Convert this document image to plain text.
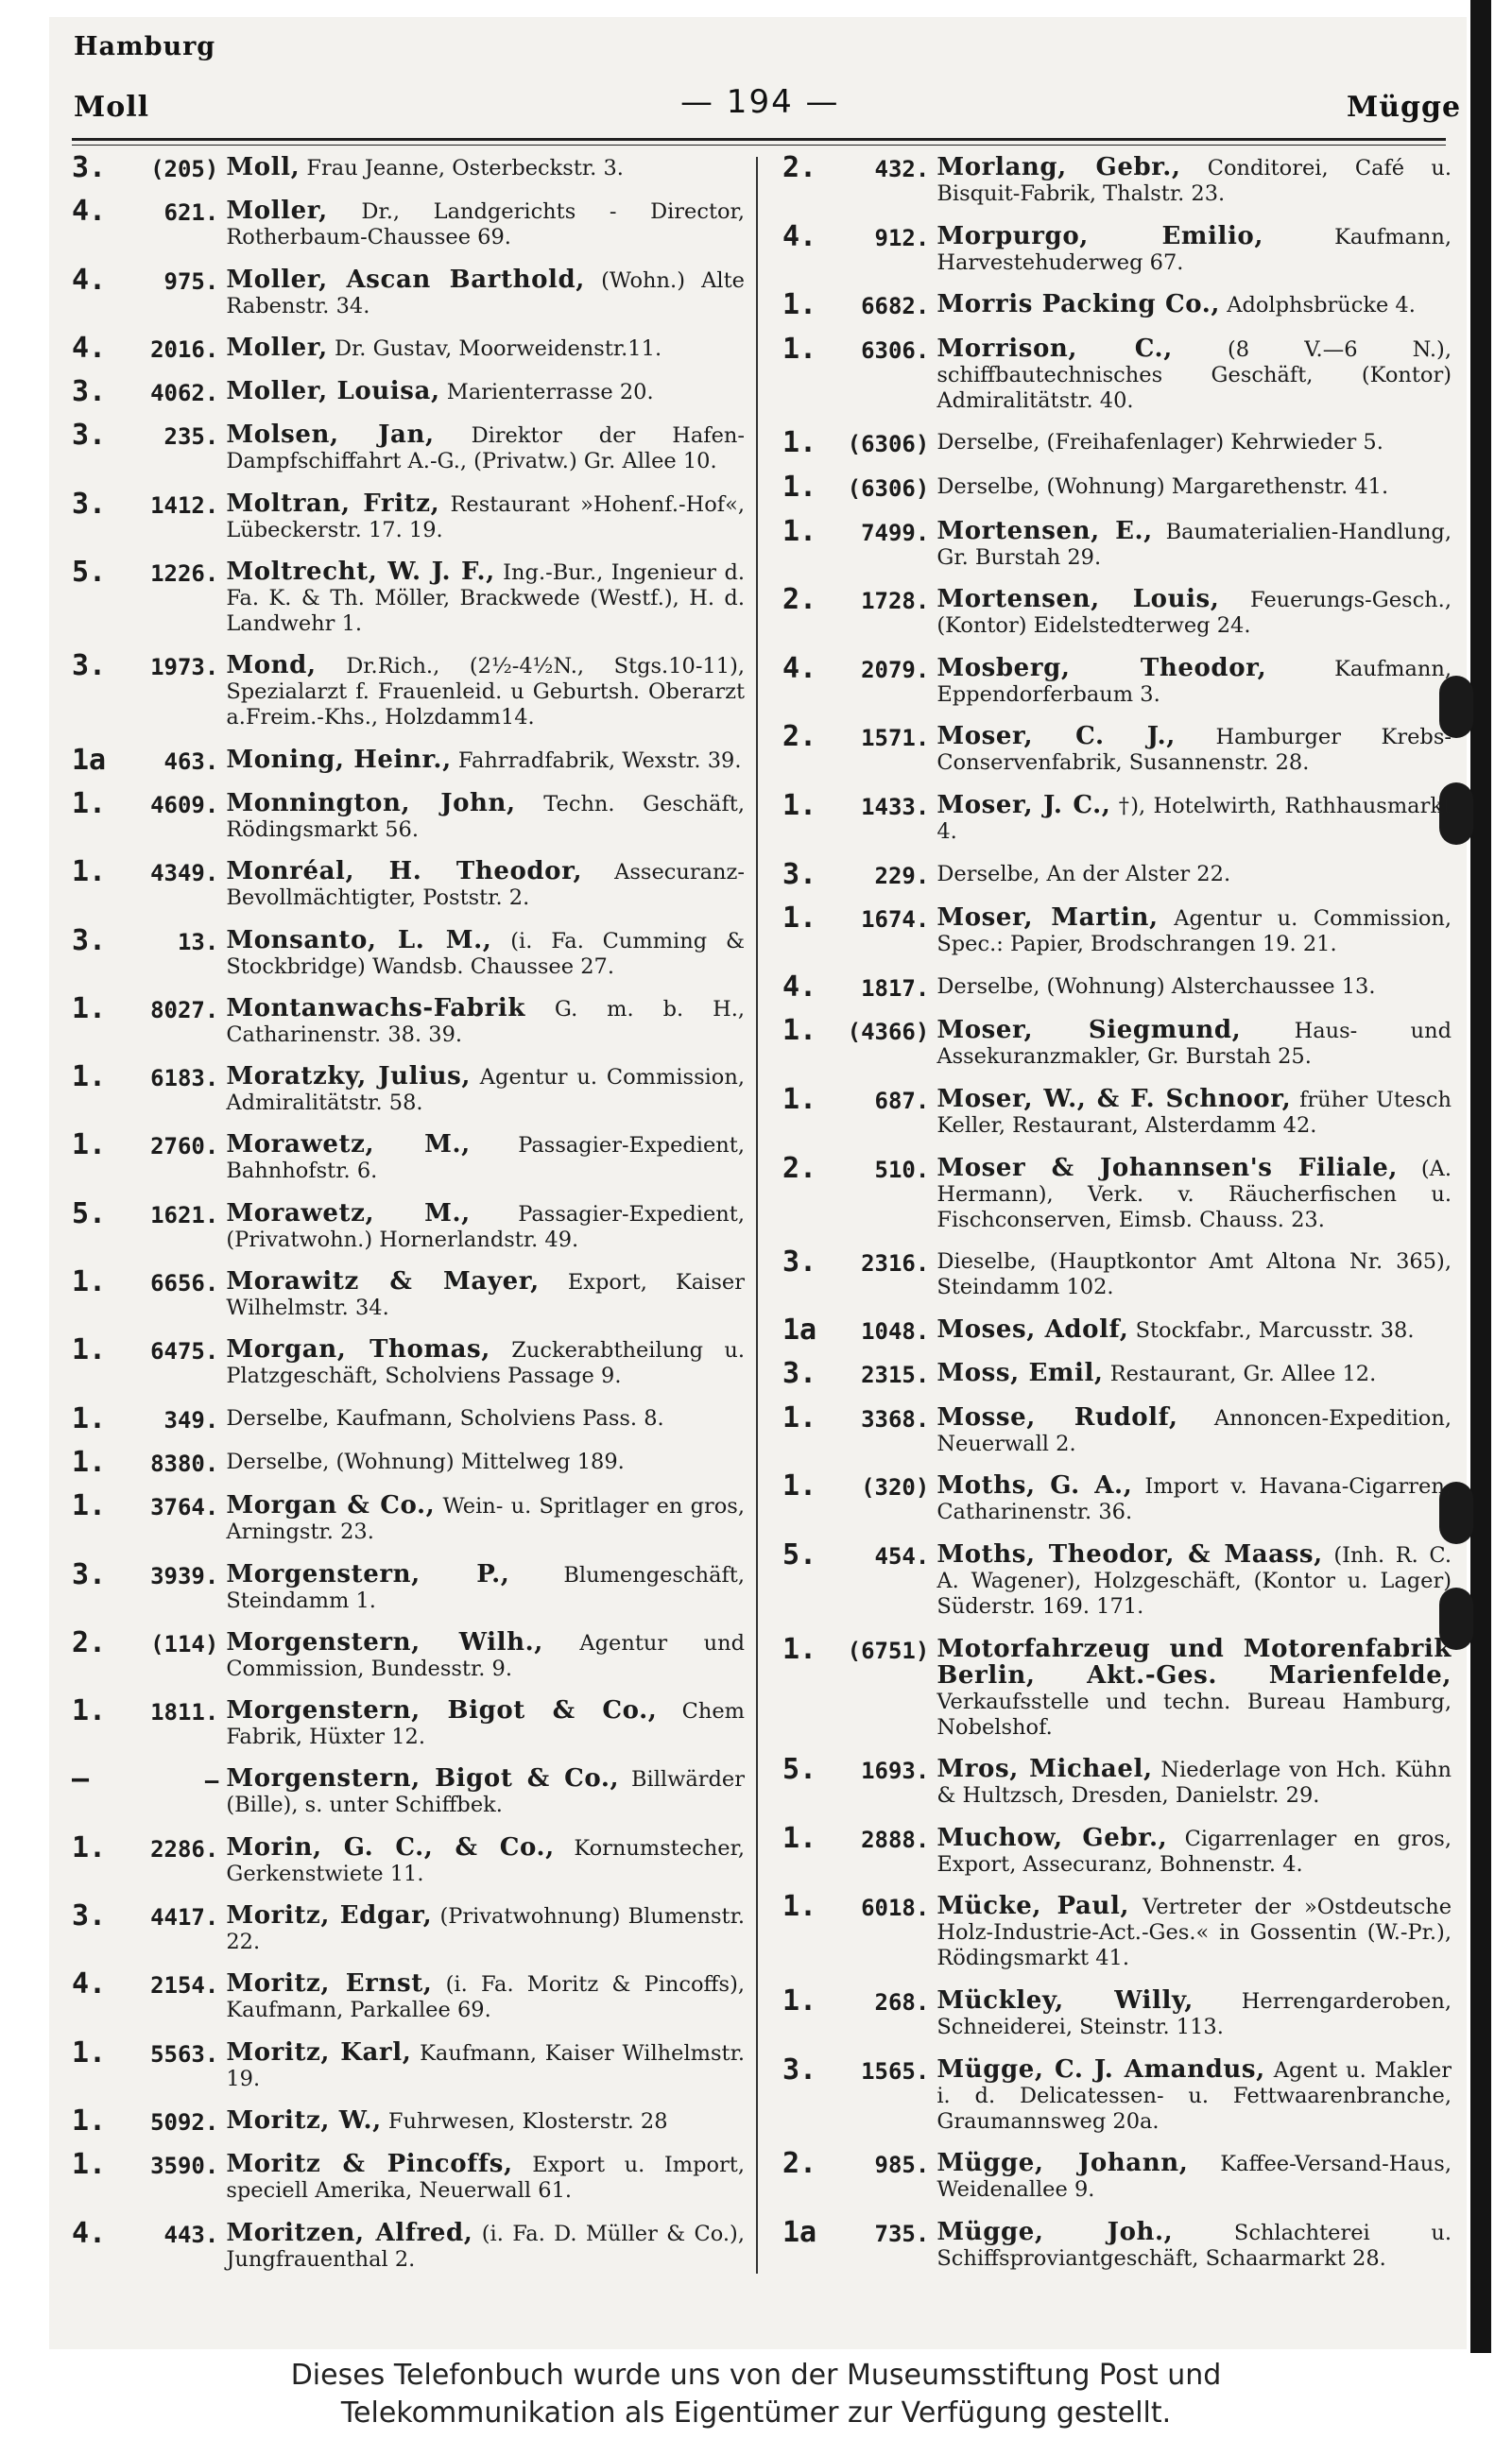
Hamburg
Moll	— 194 —	Mügge
3.   (205) Moll, Frau Jeanne, Osterbeckstr. 3.
4.    621. Moller, Dr., Landgerichts - Director, Rotherbaum-Chaussee 69.
4.    975. Moller, Ascan Barthold, (Wohn.) Alte Rabenstr. 34.
4.   2016. Moller, Dr. Gustav, Moorweidenstr.11.
3.   4062. Moller, Louisa, Marienterrasse 20.
3.    235. Molsen, Jan, Direktor der Hafen-Dampfschiffahrt A.-G., (Privatw.) Gr. Allee 10.
3.   1412. Moltran, Fritz, Restaurant »Hohenf.-Hof«, Lübeckerstr. 17. 19.
5.   1226. Moltrecht, W. J. F., Ing.-Bur., Ingenieur d. Fa. K. & Th. Möller, Brackwede (Westf.), H. d. Landwehr 1.
3.   1973. Mond, Dr.Rich., (2½-4½N., Stgs.10-11), Spezialarzt f. Frauenleid. u Geburtsh. Oberarzt a.Freim.-Khs., Holzdamm14.
1a    463. Moning, Heinr., Fahrradfabrik, Wexstr. 39.
1.   4609. Monnington, John, Techn. Geschäft, Rödingsmarkt 56.
1.   4349. Monréal, H. Theodor, Assecuranz-Bevollmächtigter, Poststr. 2.
3.     13. Monsanto, L. M., (i. Fa. Cumming & Stockbridge) Wandsb. Chaussee 27.
1.   8027. Montanwachs-Fabrik G. m. b. H., Catharinenstr. 38. 39.
1.   6183. Moratzky, Julius, Agentur u. Commission, Admiralitätstr. 58.
1.   2760. Morawetz, M., Passagier-Expedient, Bahnhofstr. 6.
5.   1621. Morawetz, M., Passagier-Expedient, (Privatwohn.) Hornerlandstr. 49.
1.   6656. Morawitz & Mayer, Export, Kaiser Wilhelmstr. 34.
1.   6475. Morgan, Thomas, Zuckerabtheilung u. Platzgeschäft, Scholviens Passage 9.
1.    349. Derselbe, Kaufmann, Scholviens Pass. 8.
1.   8380. Derselbe, (Wohnung) Mittelweg 189.
1.   3764. Morgan & Co., Wein- u. Spritlager en gros, Arningstr. 23.
3.   3939. Morgenstern, P., Blumengeschäft, Steindamm 1.
2.   (114) Morgenstern, Wilh., Agentur und Commission, Bundesstr. 9.
1.   1811. Morgenstern, Bigot & Co., Chem Fabrik, Hüxter 12.
—        — Morgenstern, Bigot & Co., Billwärder (Bille), s. unter Schiffbek.
1.   2286. Morin, G. C., & Co., Kornumstecher, Gerkenstwiete 11.
3.   4417. Moritz, Edgar, (Privatwohnung) Blumenstr. 22.
4.   2154. Moritz, Ernst, (i. Fa. Moritz & Pincoffs), Kaufmann, Parkallee 69.
1.   5563. Moritz, Karl, Kaufmann, Kaiser Wilhelmstr. 19.
1.   5092. Moritz, W., Fuhrwesen, Klosterstr. 28
1.   3590. Moritz & Pincoffs, Export u. Import, speciell Amerika, Neuerwall 61.
4.    443. Moritzen, Alfred, (i. Fa. D. Müller & Co.), Jungfrauenthal 2.
2.    432. Morlang, Gebr., Conditorei, Café u. Bisquit-Fabrik, Thalstr. 23.
4.    912. Morpurgo, Emilio, Kaufmann, Harvestehuderweg 67.
1.   6682. Morris Packing Co., Adolphsbrücke 4.
1.   6306. Morrison, C., (8 V.—6 N.), schiffbautechnisches Geschäft, (Kontor) Admiralitätstr. 40.
1.  (6306) Derselbe, (Freihafenlager) Kehrwieder 5.
1.  (6306) Derselbe, (Wohnung) Margarethenstr. 41.
1.   7499. Mortensen, E., Baumaterialien-Handlung, Gr. Burstah 29.
2.   1728. Mortensen, Louis, Feuerungs-Gesch., (Kontor) Eidelstedterweg 24.
4.   2079. Mosberg, Theodor, Kaufmann, Eppendorferbaum 3.
2.   1571. Moser, C. J., Hamburger Krebs-Conservenfabrik, Susannenstr. 28.
1.   1433. Moser, J. C., †), Hotelwirth, Rathhausmarkt 4.
3.    229. Derselbe, An der Alster 22.
1.   1674. Moser, Martin, Agentur u. Commission, Spec.: Papier, Brodschrangen 19. 21.
4.   1817. Derselbe, (Wohnung) Alsterchaussee 13.
1.  (4366) Moser, Siegmund, Haus- und Assekuranzmakler, Gr. Burstah 25.
1.    687. Moser, W., & F. Schnoor, früher Utesch Keller, Restaurant, Alsterdamm 42.
2.    510. Moser & Johannsen's Filiale, (A. Hermann), Verk. v. Räucherfischen u. Fischconserven, Eimsb. Chauss. 23.
3.   2316. Dieselbe, (Hauptkontor Amt Altona Nr. 365), Steindamm 102.
1a   1048. Moses, Adolf, Stockfabr., Marcusstr. 38.
3.   2315. Moss, Emil, Restaurant, Gr. Allee 12.
1.   3368. Mosse, Rudolf, Annoncen-Expedition, Neuerwall 2.
1.   (320) Moths, G. A., Import v. Havana-Cigarren, Catharinenstr. 36.
5.    454. Moths, Theodor, & Maass, (Inh. R. C. A. Wagener), Holzgeschäft, (Kontor u. Lager) Süderstr. 169. 171.
1.  (6751) Motorfahrzeug und Motorenfabrik Berlin, Akt.-Ges. Marienfelde, Verkaufsstelle und techn. Bureau Hamburg, Nobelshof.
5.   1693. Mros, Michael, Niederlage von Hch. Kühn & Hultzsch, Dresden, Danielstr. 29.
1.   2888. Muchow, Gebr., Cigarrenlager en gros, Export, Assecuranz, Bohnenstr. 4.
1.   6018. Mücke, Paul, Vertreter der »Ostdeutsche Holz-Industrie-Act.-Ges.« in Gossentin (W.-Pr.), Rödingsmarkt 41.
1.    268. Mückley, Willy, Herrengarderoben, Schneiderei, Steinstr. 113.
3.   1565. Mügge, C. J. Amandus, Agent u. Makler i. d. Delicatessen- u. Fettwaarenbranche, Graumannsweg 20a.
2.    985. Mügge, Johann, Kaffee-Versand-Haus, Weidenallee 9.
1a    735. Mügge, Joh., Schlachterei u. Schiffsproviantgeschäft, Schaarmarkt 28.
Dieses Telefonbuch wurde uns von der Museumsstiftung Post und
Telekommunikation als Eigentümer zur Verfügung gestellt.
